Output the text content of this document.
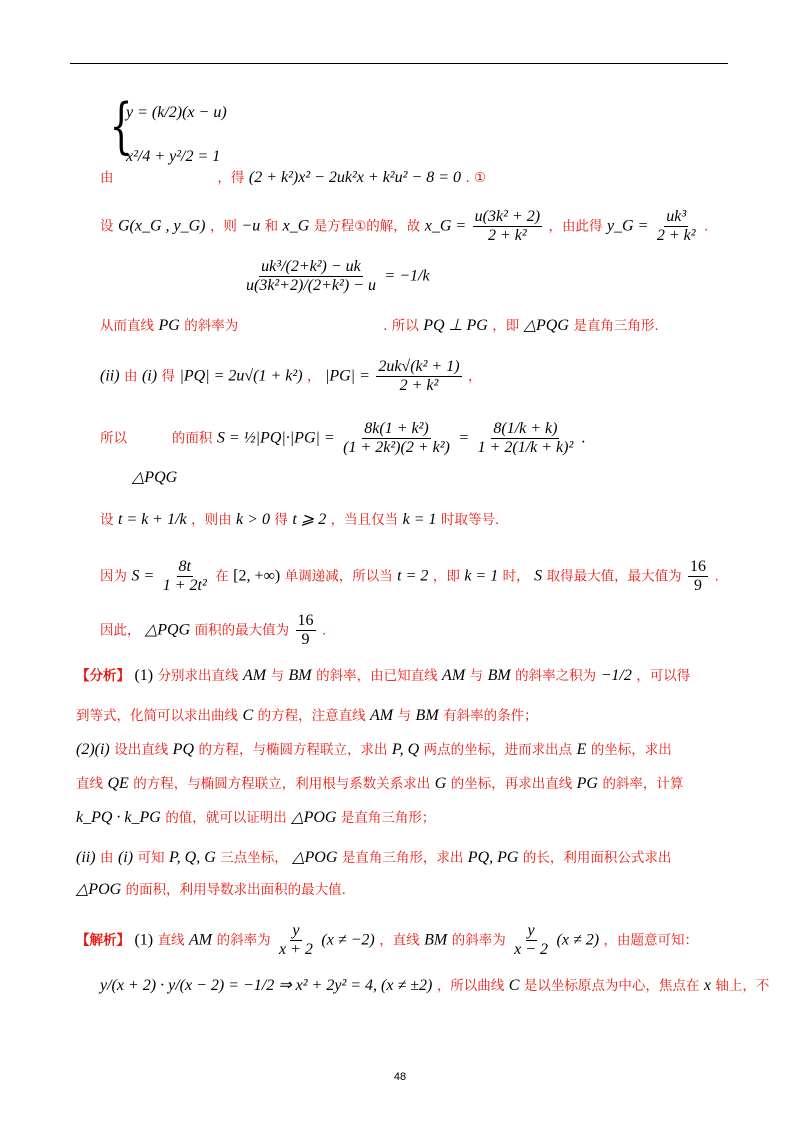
{
y = (k/2)(x − u)
x²/4 + y²/2 = 1
由	，得 (2 + k²)x² − 2uk²x + k²u² − 8 = 0 . ①
设 G(x_G , y_G) ，则 −u 和 x_G 是方程①的解，故 x_G = $\frac{\text{u(3k² + 2)}}{\text{2 + k²}}$ ，由此得 y_G = $\frac{\text{uk³}}{\text{2 + k²}}$ .
$\frac{\text{uk³/(2+k²) − uk}}{\text{u(3k²+2)/(2+k²) − u}} = -1/k$
从而直线 PG 的斜率为	. 所以 PQ ⊥ PG ，即 △PQG 是直角三角形.
(ii) 由 (i) 得 |PQ| = 2u√(1 + k²) ， $|PG| = \frac{\text{2uk√(k² + 1)}}{\text{2 + k²}}$ ，
所以	的面积 S = ½|PQ|·|PG| = $\frac{\text{8k(1 + k²)}}{\text{(1 + 2k²)(2 + k²)}} = \frac{8(1/k + k)}{\text{1 + 2(1/k + k)²}}$ .
△PQG
设 t = k + 1/k ，则由 k > 0 得 t ⩾ 2 ，当且仅当 k = 1 时取等号.
因为 $S = \frac{8t}{\text{1 + 2t²}}$ 在 [2, +∞) 单调递减，所以当 t = 2 ，即 k = 1 时， S 取得最大值，最大值为 $\frac{16}{9}$ .
因此， △PQG 面积的最大值为 $\frac{16}{9}$ .
【分析】 (1) 分别求出直线 AM 与 BM 的斜率，由已知直线 AM 与 BM 的斜率之积为 −1/2 ，可以得
到等式，化简可以求出曲线 C 的方程，注意直线 AM 与 BM 有斜率的条件；
(2)(i) 设出直线 PQ 的方程，与椭圆方程联立，求出 P, Q 两点的坐标，进而求出点 E 的坐标，求出
直线 QE 的方程，与椭圆方程联立，利用根与系数关系求出 G 的坐标，再求出直线 PG 的斜率，计算
k_PQ · k_PG 的值，就可以证明出 △POG 是直角三角形；
(ii) 由 (i) 可知 P, Q, G 三点坐标， △POG 是直角三角形，求出 PQ, PG 的长，利用面积公式求出
△POG 的面积，利用导数求出面积的最大值.
【解析】 (1) 直线 AM 的斜率为 $\frac{y}{x + 2} (x \ne -2)$ ，直线 BM 的斜率为 $\frac{y}{x - 2} (x \ne 2)$ ，由题意可知：
y/(x + 2) · y/(x − 2) = −1/2 ⇒ x² + 2y² = 4, (x ≠ ±2) ，所以曲线 C 是以坐标原点为中心，焦点在 x 轴上，不
48
